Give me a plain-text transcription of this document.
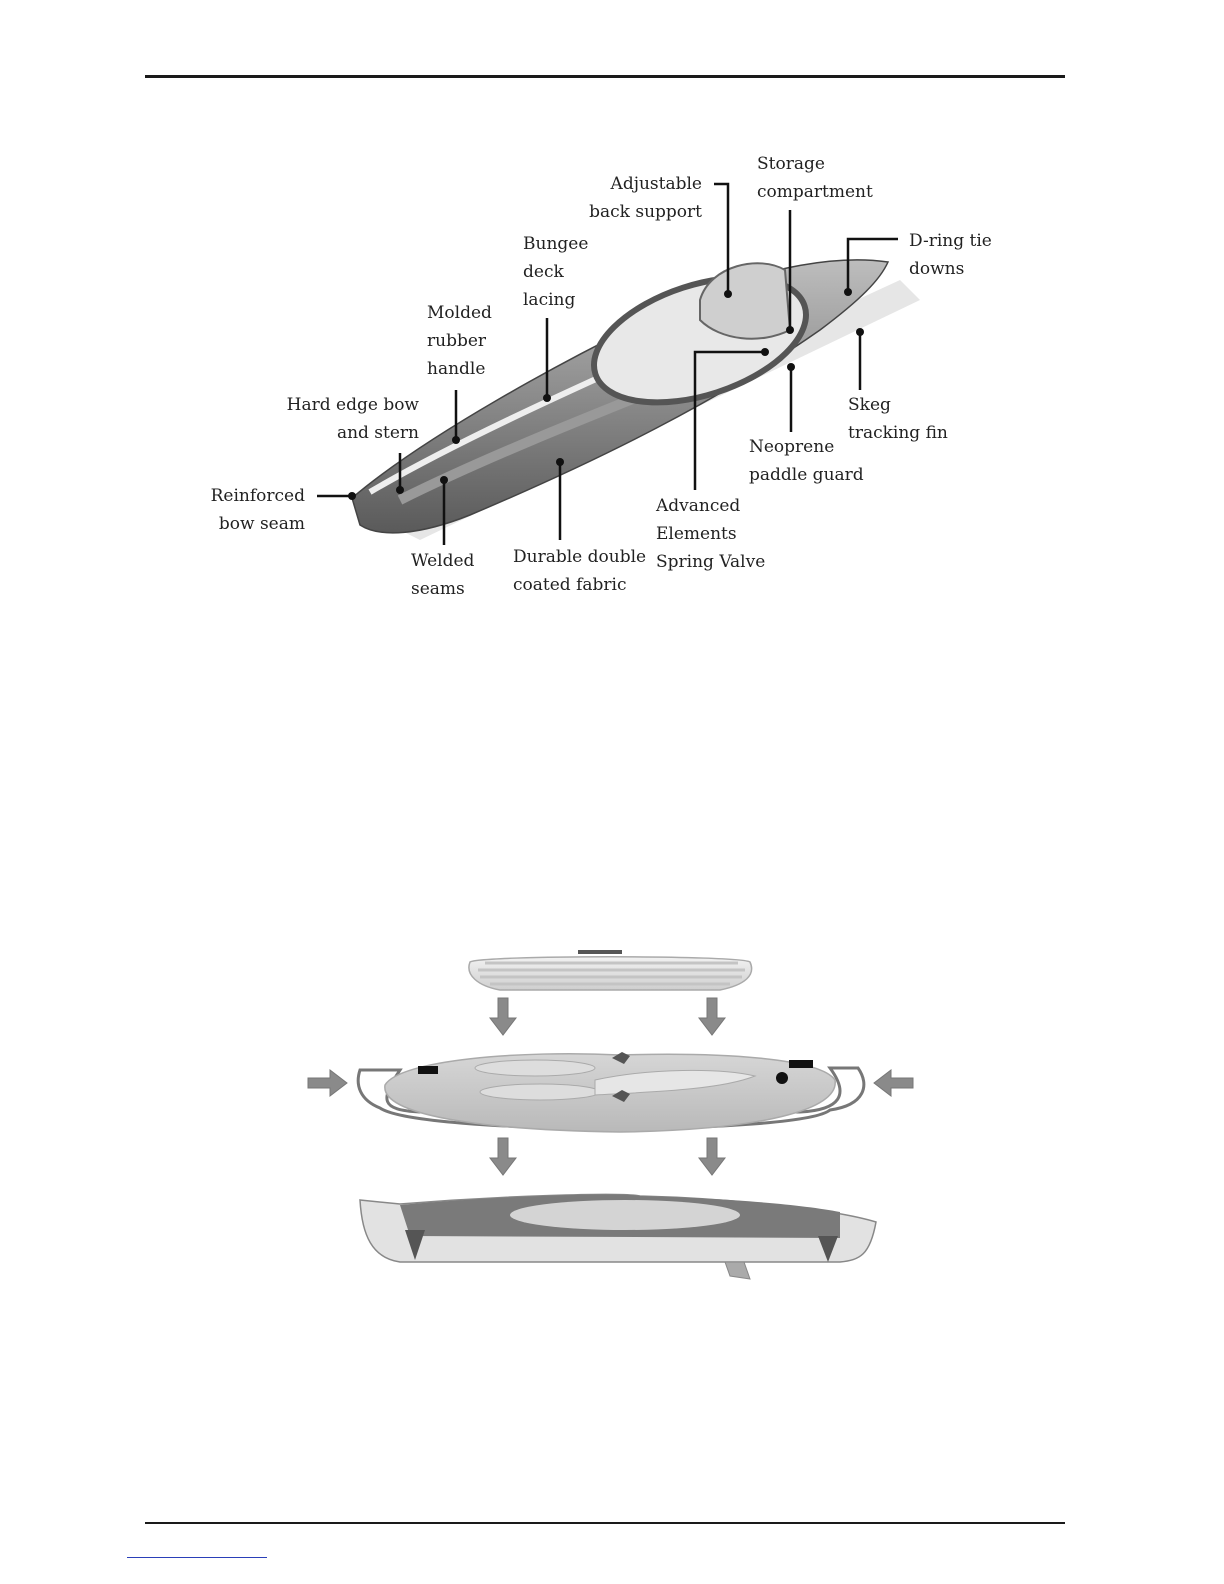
Adjustable
back support
Storage
compartment
D-ring tie
downs
Bungee
deck
lacing
Molded
rubber
handle
Hard edge bow
and stern
Skeg
tracking fin
Neoprene
paddle guard
Reinforced
bow seam
Advanced
Elements
Spring Valve
Welded
seams
Durable double
coated fabric
